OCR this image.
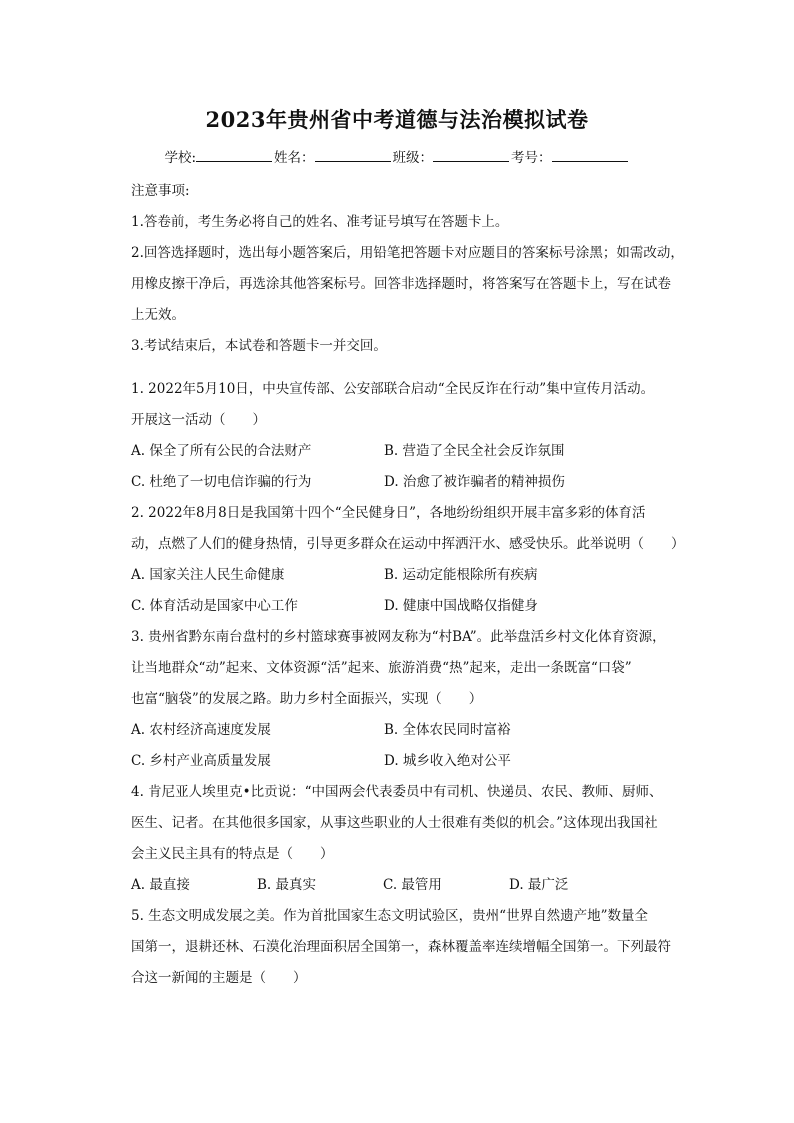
2023年贵州省中考道德与法治模拟试卷
学校:	姓名：	班级：	考号：

注意事项:

1.答卷前，考生务必将自己的姓名、准考证号填写在答题卡上。

2.回答选择题时，选出每小题答案后，用铅笔把答题卡对应题目的答案标号涂黑；如需改动，

用橡皮擦干净后，再选涂其他答案标号。回答非选择题时，将答案写在答题卡上，写在试卷

上无效。

3.考试结束后，本试卷和答题卡一并交回。

1. 2022年5月10日，中央宣传部、公安部联合启动“全民反诈在行动”集中宣传月活动。

开展这一活动（　　）

A. 保全了所有公民的合法财产	B. 营造了全民全社会反诈氛围
C. 杜绝了一切电信诈骗的行为	D. 治愈了被诈骗者的精神损伤

2. 2022年8月8日是我国第十四个“全民健身日”，各地纷纷组织开展丰富多彩的体育活

动，点燃了人们的健身热情，引导更多群众在运动中挥洒汗水、感受快乐。此举说明（　　）

A. 国家关注人民生命健康	B. 运动定能根除所有疾病
C. 体育活动是国家中心工作	D. 健康中国战略仅指健身

3. 贵州省黔东南台盘村的乡村篮球赛事被网友称为“村BA”。此举盘活乡村文化体育资源，

让当地群众“动”起来、文体资源“活”起来、旅游消费“热”起来，走出一条既富“口袋”

也富“脑袋”的发展之路。助力乡村全面振兴，实现（　　）

A. 农村经济高速度发展	B. 全体农民同时富裕
C. 乡村产业高质量发展	D. 城乡收入绝对公平

4. 肯尼亚人埃里克•比贡说：“中国两会代表委员中有司机、快递员、农民、教师、厨师、

医生、记者。在其他很多国家，从事这些职业的人士很难有类似的机会。”这体现出我国社

会主义民主具有的特点是（　　）

A. 最直接	B. 最真实	C. 最管用	D. 最广泛

5. 生态文明成发展之美。作为首批国家生态文明试验区，贵州“世界自然遗产地”数量全

国第一，退耕还林、石漠化治理面积居全国第一，森林覆盖率连续增幅全国第一。下列最符

合这一新闻的主题是（　　）
